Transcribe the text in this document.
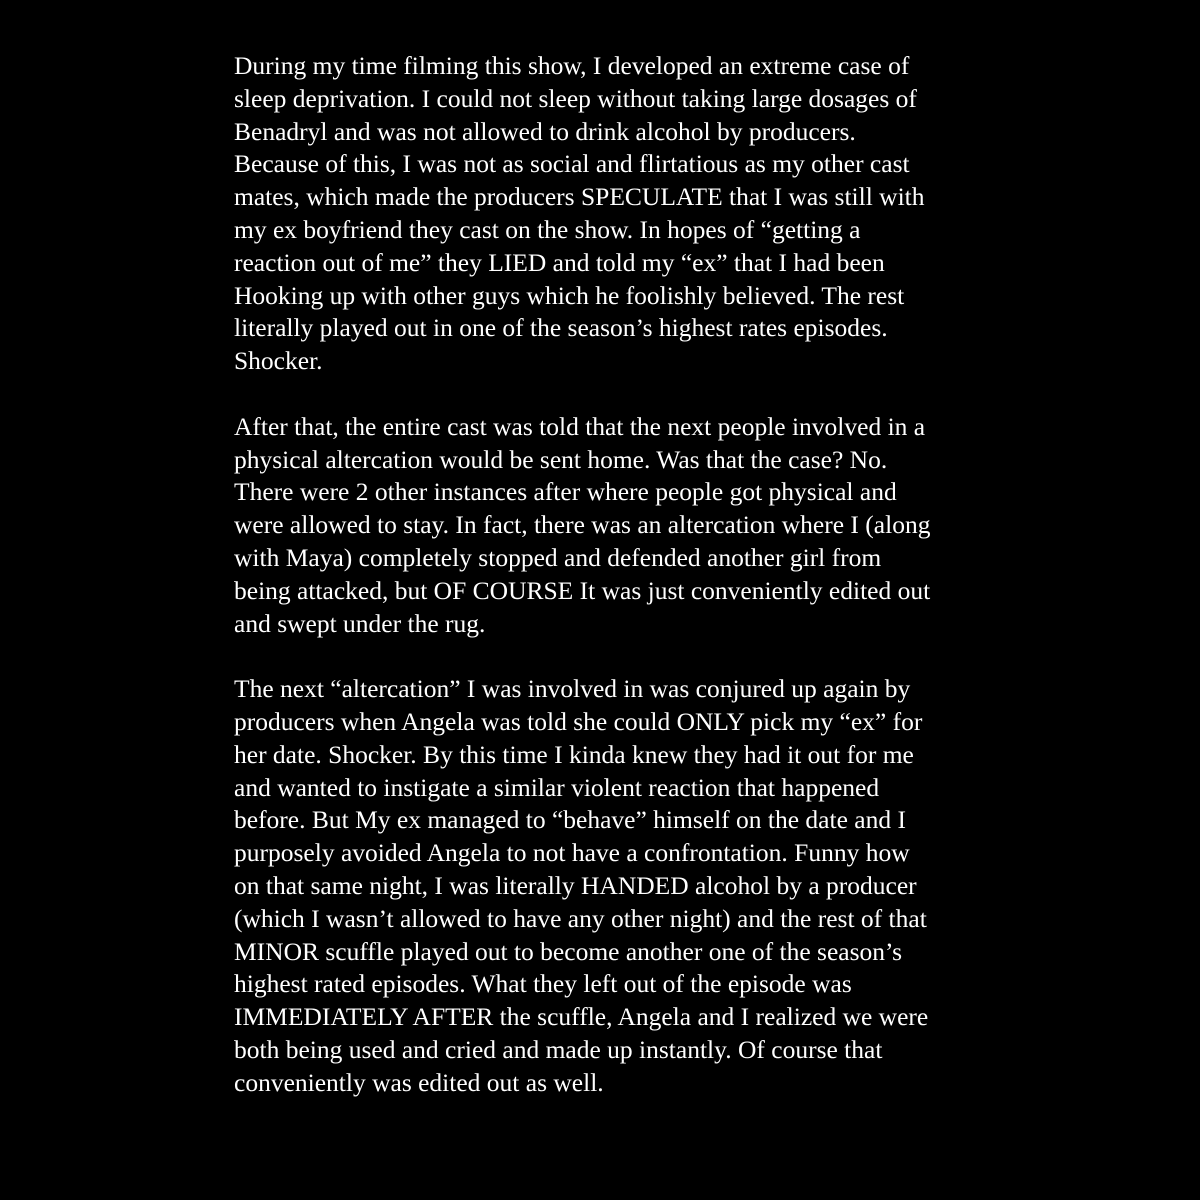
During my time filming this show, I developed an extreme case of
sleep deprivation. I could not sleep without taking large dosages of
Benadryl and was not allowed to drink alcohol by producers.
Because of this, I was not as social and flirtatious as my other cast
mates, which made the producers SPECULATE that I was still with
my ex boyfriend they cast on the show. In hopes of “getting a
reaction out of me” they LIED and told my “ex” that I had been
Hooking up with other guys which he foolishly believed. The rest
literally played out in one of the season’s highest rates episodes.
Shocker.

After that, the entire cast was told that the next people involved in a
physical altercation would be sent home. Was that the case? No.
There were 2 other instances after where people got physical and
were allowed to stay. In fact, there was an altercation where I (along
with Maya) completely stopped and defended another girl from
being attacked, but OF COURSE It was just conveniently edited out
and swept under the rug.

The next “altercation” I was involved in was conjured up again by
producers when Angela was told she could ONLY pick my “ex” for
her date. Shocker. By this time I kinda knew they had it out for me
and wanted to instigate a similar violent reaction that happened
before. But My ex managed to “behave” himself on the date and I
purposely avoided Angela to not have a confrontation. Funny how
on that same night, I was literally HANDED alcohol by a producer
(which I wasn’t allowed to have any other night) and the rest of that
MINOR scuffle played out to become another one of the season’s
highest rated episodes. What they left out of the episode was
IMMEDIATELY AFTER the scuffle, Angela and I realized we were
both being used and cried and made up instantly. Of course that
conveniently was edited out as well.
